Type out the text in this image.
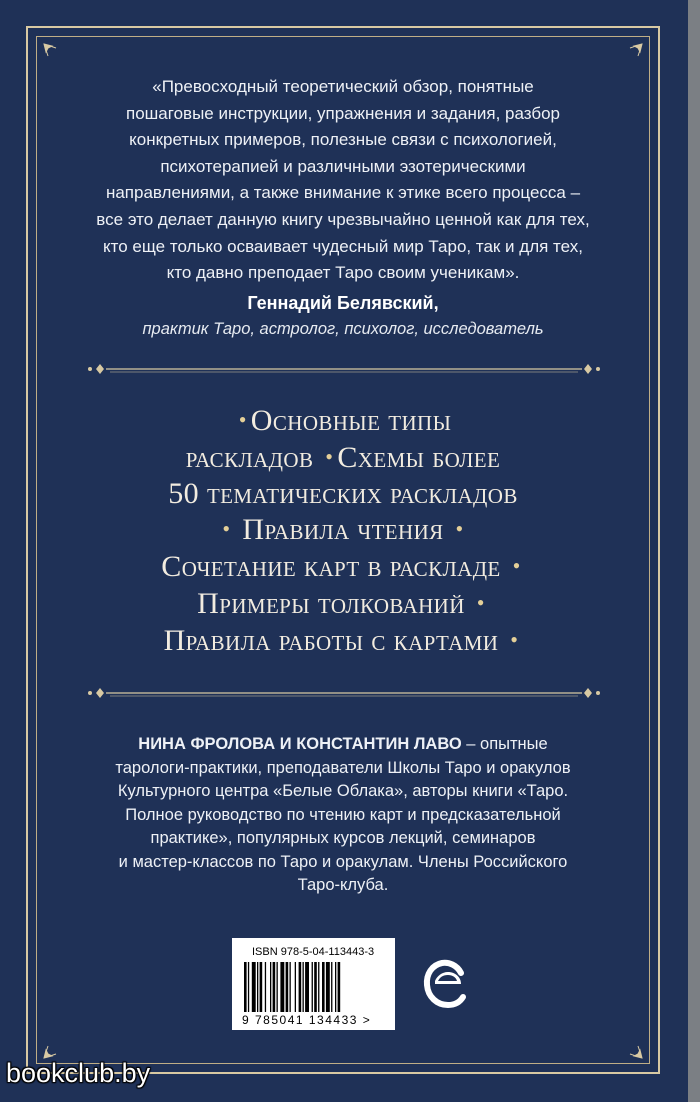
«Превосходный теоретический обзор, понятные
пошаговые инструкции, упражнения и задания, разбор
конкретных примеров, полезные связи с психологией,
психотерапией и различными эзотерическими
направлениями, а также внимание к этике всего процесса –
все это делает данную книгу чрезвычайно ценной как для тех,
кто еще только осваивает чудесный мир Таро, так и для тех,
кто давно преподает Таро своим ученикам».
Геннадий Белявский,
практик Таро, астролог, психолог, исследователь
• Основные типы
раскладов • Схемы более
50 тематических раскладов
• Правила чтения •
Сочетание карт в раскладе •
Примеры толкований •
Правила работы с картами •
НИНА ФРОЛОВА И КОНСТАНТИН ЛАВО – опытные
тарологи-практики, преподаватели Школы Таро и оракулов
Культурного центра «Белые Облака», авторы книги «Таро.
Полное руководство по чтению карт и предсказательной
практике», популярных курсов лекций, семинаров
и мастер-классов по Таро и оракулам. Члены Российского
Таро-клуба.
ISBN 978-5-04-113443-3
9 785041 134433 >
bookclub.by
